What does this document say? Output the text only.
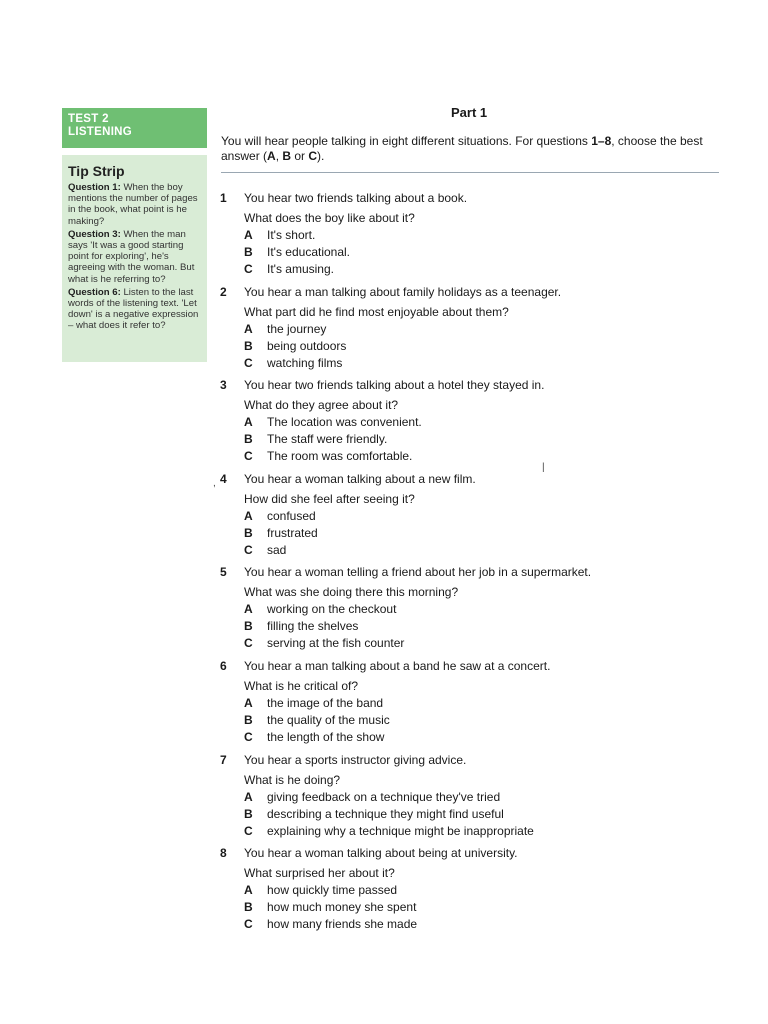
TEST 2
LISTENING
Tip Strip
Question 1: When the boy mentions the number of pages in the book, what point is he making?
Question 3: When the man says 'It was a good starting point for exploring', he's agreeing with the woman. But what is he referring to?
Question 6: Listen to the last words of the listening text. 'Let down' is a negative expression – what does it refer to?
Part 1
You will hear people talking in eight different situations. For questions 1–8, choose the best answer (A, B or C).
1	You hear two friends talking about a book.
What does the boy like about it?
A It's short.
B It's educational.
C It's amusing.
2	You hear a man talking about family holidays as a teenager.
What part did he find most enjoyable about them?
A the journey
B being outdoors
C watching films
3	You hear two friends talking about a hotel they stayed in.
What do they agree about it?
A The location was convenient.
B The staff were friendly.
C The room was comfortable.
4	You hear a woman talking about a new film.
How did she feel after seeing it?
A confused
B frustrated
C sad
5	You hear a woman telling a friend about her job in a supermarket.
What was she doing there this morning?
A working on the checkout
B filling the shelves
C serving at the fish counter
6	You hear a man talking about a band he saw at a concert.
What is he critical of?
A the image of the band
B the quality of the music
C the length of the show
7	You hear a sports instructor giving advice.
What is he doing?
A giving feedback on a technique they've tried
B describing a technique they might find useful
C explaining why a technique might be inappropriate
8	You hear a woman talking about being at university.
What surprised her about it?
A how quickly time passed
B how much money she spent
C how many friends she made
,
|
